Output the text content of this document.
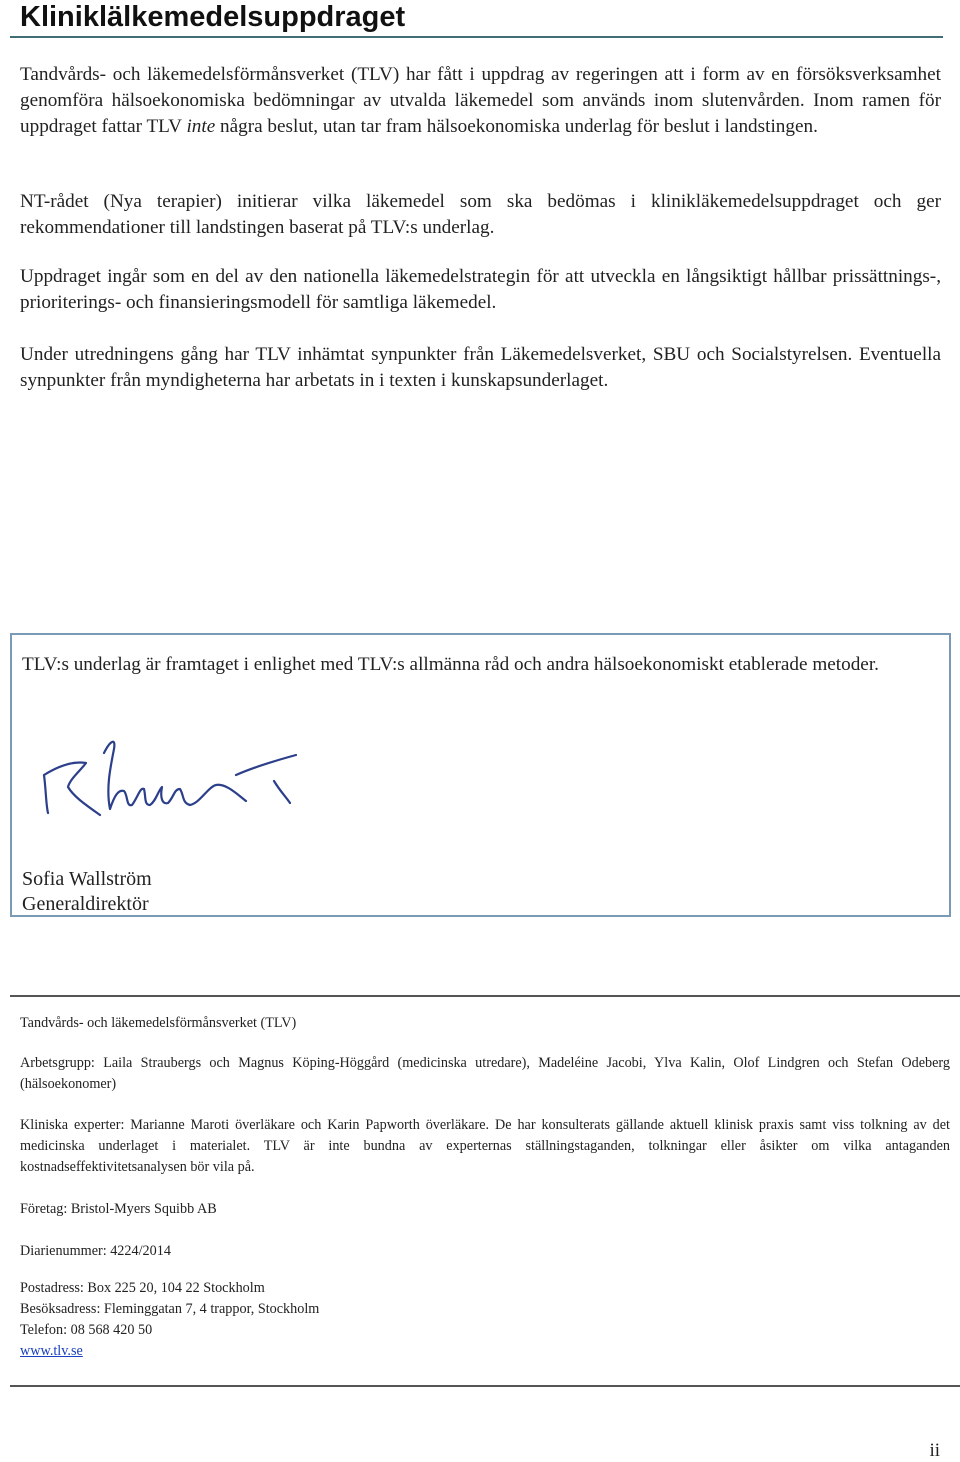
Kliniklälkemedelsuppdraget

Tandvårds- och läkemedelsförmånsverket (TLV) har fått i uppdrag av regeringen att i form av en försöksverksamhet genomföra hälsoekonomiska bedömningar av utvalda läkemedel som används inom slutenvården. Inom ramen för uppdraget fattar TLV inte några beslut, utan tar fram hälsoekonomiska underlag för beslut i landstingen.

NT-rådet (Nya terapier) initierar vilka läkemedel som ska bedömas i klinikläkemedelsuppdraget och ger rekommendationer till landstingen baserat på TLV:s underlag.

Uppdraget ingår som en del av den nationella läkemedelstrategin för att utveckla en långsiktigt hållbar prissättnings-, prioriterings- och finansieringsmodell för samtliga läkemedel.

Under utredningens gång har TLV inhämtat synpunkter från Läkemedelsverket, SBU och Socialstyrelsen. Eventuella synpunkter från myndigheterna har arbetats in i texten i kunskapsunderlaget.

TLV:s underlag är framtaget i enlighet med TLV:s allmänna råd och andra hälsoekonomiskt etablerade metoder.

Sofia Wallström
Generaldirektör

Tandvårds- och läkemedelsförmånsverket (TLV)

Arbetsgrupp: Laila Straubergs och Magnus Köping-Höggård (medicinska utredare), Madeléine Jacobi, Ylva Kalin, Olof Lindgren och Stefan Odeberg (hälsoekonomer)

Kliniska experter: Marianne Maroti överläkare och Karin Papworth överläkare. De har konsulterats gällande aktuell klinisk praxis samt viss tolkning av det medicinska underlaget i materialet. TLV är inte bundna av experternas ställningstaganden, tolkningar eller åsikter om vilka antaganden kostnadseffektivitetsanalysen bör vila på.

Företag: Bristol-Myers Squibb AB

Diarienummer: 4224/2014

Postadress: Box 225 20, 104 22 Stockholm

Besöksadress: Fleminggatan 7, 4 trappor, Stockholm

Telefon: 08 568 420 50

www.tlv.se

ii
